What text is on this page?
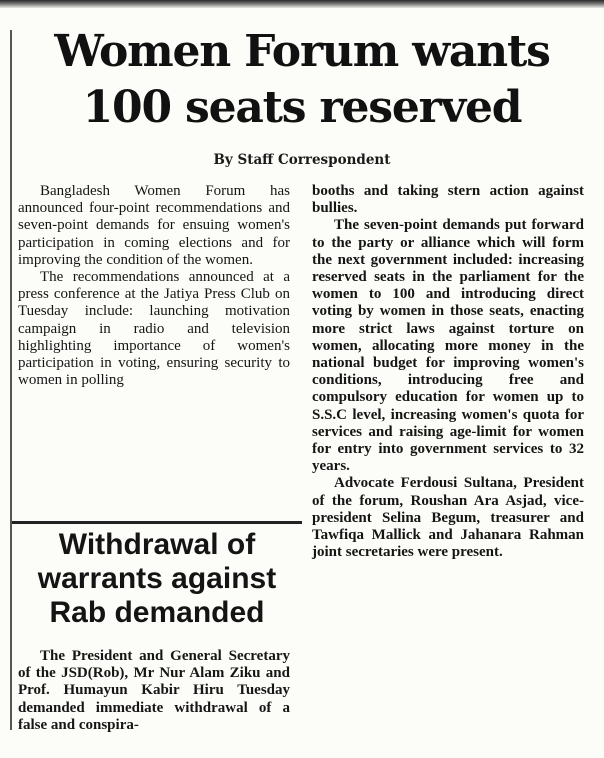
Women Forum wants
100 seats reserved

By Staff Correspondent

Bangladesh Women Forum has announced four-point recommendations and seven-point demands for ensuing women's participation in coming elections and for improving the condition of the women.

The recommendations announced at a press conference at the Jatiya Press Club on Tuesday include: launching motivation campaign in radio and television highlighting importance of women's participation in voting, ensuring security to women in polling

booths and taking stern action against bullies.

The seven-point demands put forward to the party or alliance which will form the next government included: increasing reserved seats in the parliament for the women to 100 and introducing direct voting by women in those seats, enacting more strict laws against torture on women, allocating more money in the national budget for improving women's conditions, introducing free and compulsory education for women up to S.S.C level, increasing women's quota for services and raising age-limit for women for entry into government services to 32 years.

Advocate Ferdousi Sultana, President of the forum, Roushan Ara Asjad, vice-president Selina Begum, treasurer and Tawfiqa Mallick and Jahanara Rahman joint secretaries were present.

Withdrawal of
warrants against
Rab demanded

The President and General Secretary of the JSD(Rob), Mr Nur Alam Ziku and Prof. Humayun Kabir Hiru Tuesday demanded immediate withdrawal of a false and conspira-
